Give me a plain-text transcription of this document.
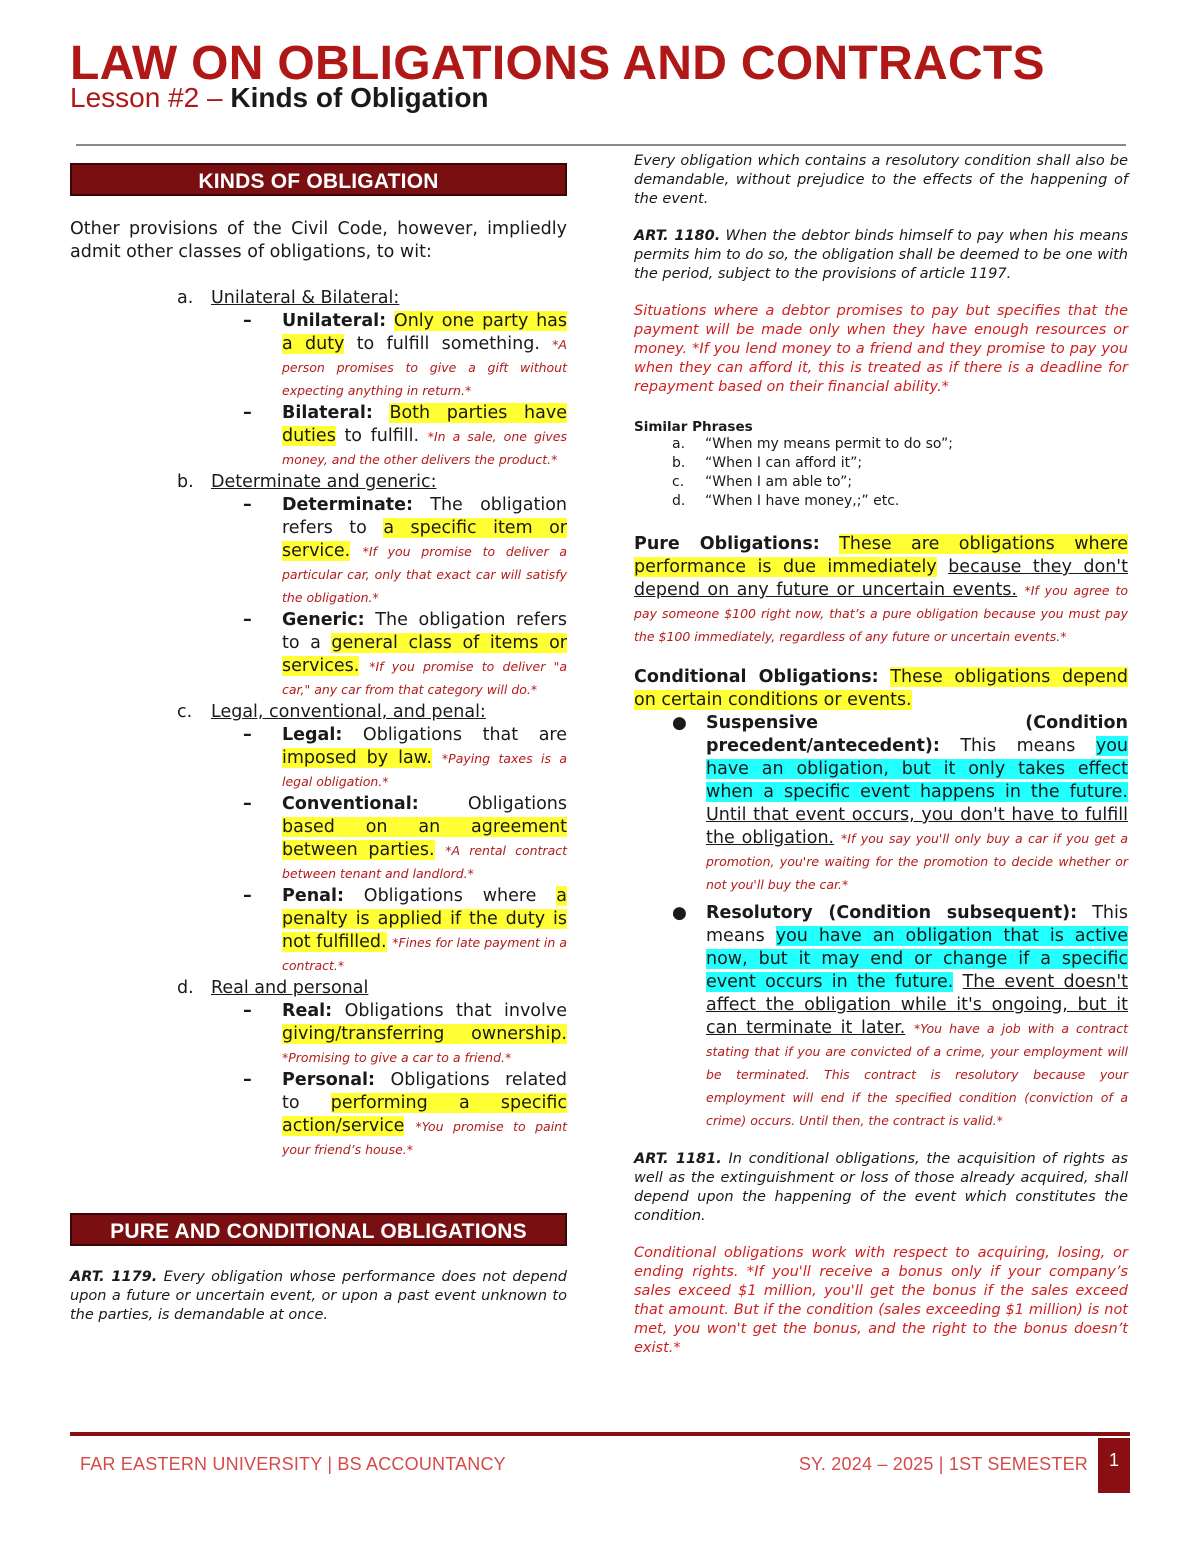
LAW ON OBLIGATIONS AND CONTRACTS
Lesson #2 – Kinds of Obligation
KINDS OF OBLIGATION
Other provisions of the Civil Code, however, impliedly admit other classes of obligations, to wit:
a.	Unilateral & Bilateral:
–	Unilateral: Only one party has a duty to fulfill something. *A person promises to give a gift without expecting anything in return.*
–	Bilateral: Both parties have duties to fulfill. *In a sale, one gives money, and the other delivers the product.*
b. Determinate and generic:
–	Determinate: The obligation refers to a specific item or service. *If you promise to deliver a particular car, only that exact car will satisfy the obligation.*
–	Generic: The obligation refers to a general class of items or services. *If you promise to deliver "a car," any car from that category will do.*
c.	Legal, conventional, and penal:
–	Legal: Obligations that are imposed by law. *Paying taxes is a legal obligation.*
–	Conventional: Obligations based on an agreement between parties. *A rental contract between tenant and landlord.*
–	Penal: Obligations where a penalty is applied if the duty is not fulfilled. *Fines for late payment in a contract.*
d. Real and personal
–	Real: Obligations that involve giving/transferring ownership. *Promising to give a car to a friend.*
–	Personal: Obligations related to performing a specific action/service *You promise to paint your friend’s house.*
PURE AND CONDITIONAL OBLIGATIONS
ART. 1179. Every obligation whose performance does not depend upon a future or uncertain event, or upon a past event unknown to the parties, is demandable at once.
Every obligation which contains a resolutory condition shall also be demandable, without prejudice to the effects of the happening of the event.
ART. 1180. When the debtor binds himself to pay when his means permits him to do so, the obligation shall be deemed to be one with the period, subject to the provisions of article 1197.
Situations where a debtor promises to pay but specifies that the payment will be made only when they have enough resources or money. *If you lend money to a friend and they promise to pay you when they can afford it, this is treated as if there is a deadline for repayment based on their financial ability.*
Similar Phrases
a.	“When my means permit to do so”;
b.	“When I can afford it”;
c.	“When I am able to”;
d.	“When I have money,;” etc.
Pure Obligations: These are obligations where performance is due immediately because they don't depend on any future or uncertain events. *If you agree to pay someone $100 right now, that’s a pure obligation because you must pay the $100 immediately, regardless of any future or uncertain events.*
Conditional Obligations: These obligations depend on certain conditions or events.
●	Suspensive (Condition precedent/antecedent): This means you have an obligation, but it only takes effect when a specific event happens in the future. Until that event occurs, you don't have to fulfill the obligation. *If you say you'll only buy a car if you get a promotion, you're waiting for the promotion to decide whether or not you'll buy the car.*
●	Resolutory (Condition subsequent): This means you have an obligation that is active now, but it may end or change if a specific event occurs in the future. The event doesn't affect the obligation while it's ongoing, but it can terminate it later. *You have a job with a contract stating that if you are convicted of a crime, your employment will be terminated. This contract is resolutory because your employment will end if the specified condition (conviction of a crime) occurs. Until then, the contract is valid.*
ART. 1181. In conditional obligations, the acquisition of rights as well as the extinguishment or loss of those already acquired, shall depend upon the happening of the event which constitutes the condition.
Conditional obligations work with respect to acquiring, losing, or ending rights. *If you'll receive a bonus only if your company’s sales exceed $1 million, you'll get the bonus if the sales exceed that amount. But if the condition (sales exceeding $1 million) is not met, you won't get the bonus, and the right to the bonus doesn’t exist.*
FAR EASTERN UNIVERSITY | BS ACCOUNTANCY	SY. 2024 – 2025 | 1ST SEMESTER	1
